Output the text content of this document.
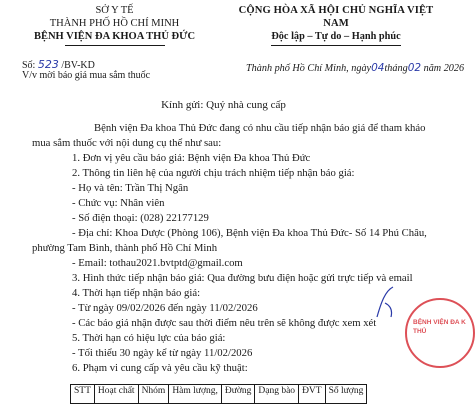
SỞ Y TẾ
THÀNH PHỐ HỒ CHÍ MINH
BỆNH VIỆN ĐA KHOA THỦ ĐỨC
CỘNG HÒA XÃ HỘI CHỦ NGHĨA VIỆT NAM
Độc lập – Tự do – Hạnh phúc
Số: 523 /BV-KD
V/v mời báo giá mua sắm thuốc
Thành phố Hồ Chí Minh, ngày04tháng02 năm 2026
Kính gửi: Quý nhà cung cấp
Bệnh viện Đa khoa Thủ Đức đang có nhu cầu tiếp nhận báo giá để tham khảo mua sắm thuốc với nội dung cụ thể như sau:
1. Đơn vị yêu cầu báo giá: Bệnh viện Đa khoa Thủ Đức
2. Thông tin liên hệ của người chịu trách nhiệm tiếp nhận báo giá:
- Họ và tên: Trần Thị Ngân
- Chức vụ: Nhân viên
- Số điện thoại: (028) 22177129
- Địa chỉ: Khoa Dược (Phòng 106), Bệnh viện Đa khoa Thủ Đức- Số 14 Phú Châu, phường Tam Bình, thành phố Hồ Chí Minh
- Email: tothau2021.bvtptd@gmail.com
3. Hình thức tiếp nhận báo giá: Qua đường bưu điện hoặc gửi trực tiếp và email
4. Thời hạn tiếp nhận báo giá:
- Từ ngày 09/02/2026 đến ngày 11/02/2026
- Các báo giá nhận được sau thời điểm nêu trên sẽ không được xem xét
5. Thời hạn có hiệu lực của báo giá:
- Tối thiểu 30 ngày kể từ ngày 11/02/2026
6. Phạm vi cung cấp và yêu cầu kỹ thuật:
BỆNH VIỆN ĐA K THỦ
STT	Hoạt chất	Nhóm	Hàm lượng,	Đường	Dạng bào	ĐVT	Số lượng
